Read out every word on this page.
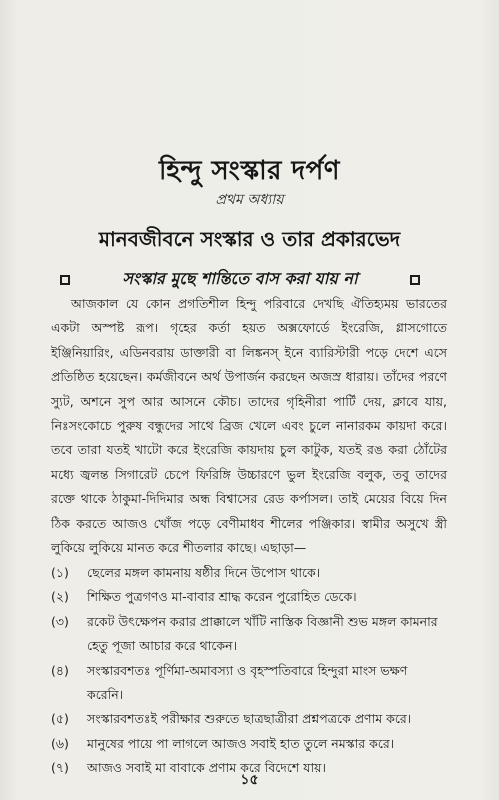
হিন্দু সংস্কার দর্পণ
প্রথম অধ্যায়
মানবজীবনে সংস্কার ও তার প্রকারভেদ
সংস্কার মুছে শান্তিতে বাস করা যায় না

আজকাল যে কোন প্রগতিশীল হিন্দু পরিবারে দেখছি ঐতিহ্যময় ভারতের একটা অস্পষ্ট রূপ। গৃহের কর্তা হয়ত অক্সফোর্ডে ইংরেজি, গ্লাসগোতে ইঞ্জিনিয়ারিং, এডিনবরায় ডাক্তারী বা লিঙ্কনস্ ইনে ব্যারিস্টারী পড়ে দেশে এসে প্রতিষ্ঠিত হয়েছেন। কর্মজীবনে অর্থ উপার্জন করছেন অজস্র ধারায়। তাঁদের পরণে স্যুট, অশনে সুপ আর আসনে কৌচ। তাদের গৃহিনীরা পার্টি দেয়, ক্লাবে যায়, নিঃসংকোচে পুরুষ বন্ধুদের সাথে ব্রিজ খেলে এবং চুলে নানারকম কায়দা করে। তবে তারা যতই খাটো করে ইংরেজি কায়দায় চুল কাটুক, যতই রঙ করা ঠোঁটের মধ্যে জ্বলন্ত সিগারেট চেপে ফিরিঙ্গি উচ্চারণে ভুল ইংরেজি বলুক, তবু তাদের রক্তে থাকে ঠাকুমা-দিদিমার অন্ধ বিশ্বাসের রেড কর্পাসল। তাই মেয়ের বিয়ে দিন ঠিক করতে আজও খোঁজ পড়ে বেণীমাধব শীলের পঞ্জিকার। স্বামীর অসুখে স্ত্রী লুকিয়ে লুকিয়ে মানত করে শীতলার কাছে। এছাড়া—

(১)	ছেলের মঙ্গল কামনায় ষষ্ঠীর দিনে উপোস থাকে।
(২)	শিক্ষিত পুত্রগণও মা-বাবার শ্রাদ্ধ করেন পুরোহিত ডেকে।
(৩)	রকেট উৎক্ষেপন করার প্রাক্কালে খাঁটি নাস্তিক বিজ্ঞানী শুভ মঙ্গল কামনার হেতু পূজা আচার করে থাকেন।
(৪)	সংস্কারবশতঃ পূর্ণিমা-অমাবস্যা ও বৃহস্পতিবারে হিন্দুরা মাংস ভক্ষণ করেনি।
(৫)	সংস্কারবশতঃই পরীক্ষার শুরুতে ছাত্রছাত্রীরা প্রশ্নপত্রকে প্রণাম করে।
(৬)	মানুষের পায়ে পা লাগলে আজও সবাই হাত তুলে নমস্কার করে।
(৭)	আজও সবাই মা বাবাকে প্রণাম করে বিদেশে যায়।
১৫
